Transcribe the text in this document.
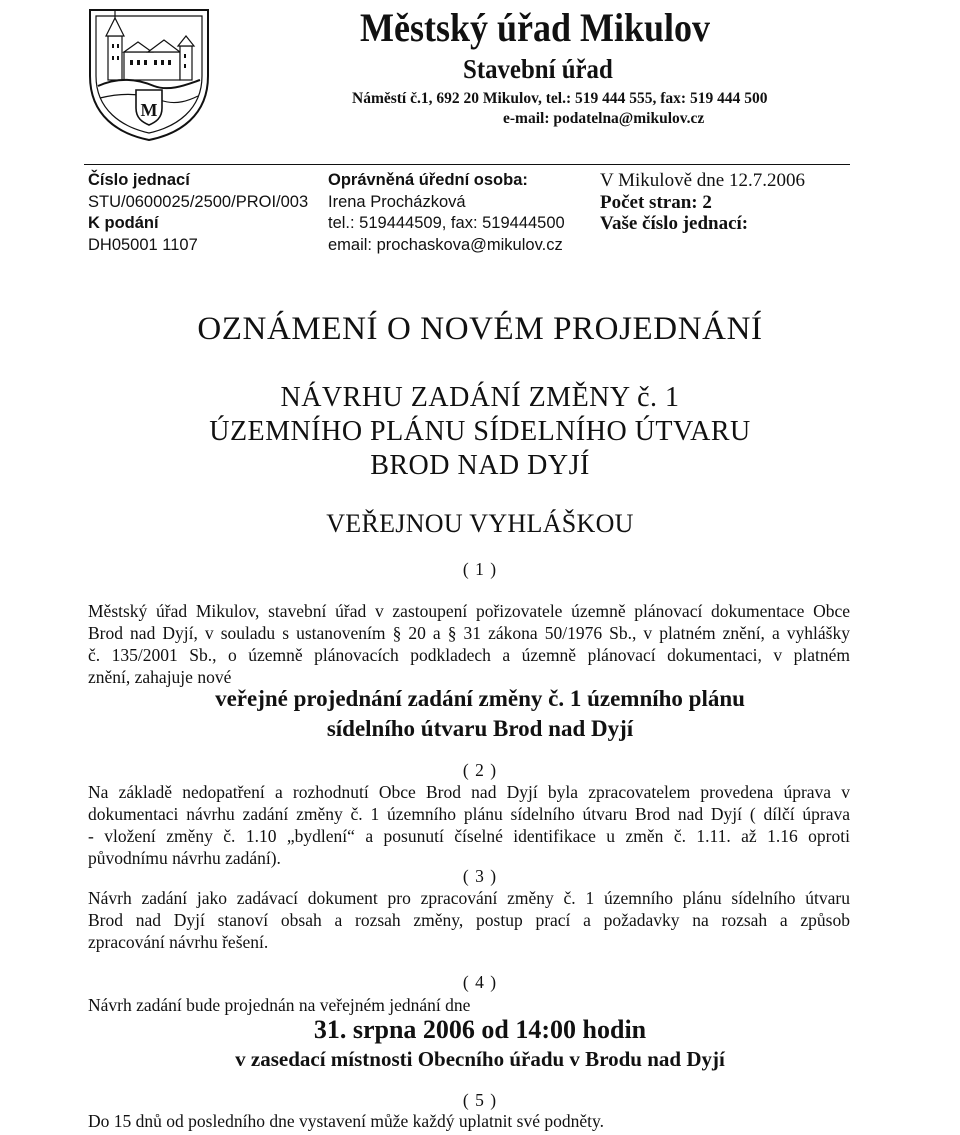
M
Městský úřad Mikulov
Stavební úřad
Náměstí č.1, 692 20 Mikulov, tel.: 519 444 555, fax: 519 444 500
e-mail: podatelna@mikulov.cz
Číslo jednací
STU/0600025/2500/PROI/003
K podání
DH05001 1107
Oprávněná úřední osoba:
Irena Procházková
tel.: 519444509, fax: 519444500
email: prochaskova@mikulov.cz
V Mikulově dne 12.7.2006
Počet stran: 2
Vaše číslo jednací:
OZNÁMENÍ O NOVÉM PROJEDNÁNÍ
NÁVRHU ZADÁNÍ ZMĚNY č. 1
ÚZEMNÍHO PLÁNU SÍDELNÍHO ÚTVARU
BROD NAD DYJÍ
VEŘEJNOU VYHLÁŠKOU
( 1 )
Městský úřad Mikulov, stavební úřad v zastoupení pořizovatele územně plánovací dokumentace Obce
Brod nad Dyjí, v souladu s ustanovením § 20 a § 31 zákona 50/1976 Sb., v platném znění, a vyhlášky
č. 135/2001 Sb., o územně plánovacích podkladech a územně plánovací dokumentaci, v platném
znění, zahajuje nové
veřejné projednání zadání změny č. 1 územního plánu
sídelního útvaru Brod nad Dyjí
( 2 )
Na základě nedopatření a rozhodnutí Obce Brod nad Dyjí byla zpracovatelem provedena úprava v
dokumentaci návrhu zadání změny č. 1 územního plánu sídelního útvaru Brod nad Dyjí ( dílčí úprava
- vložení změny č. 1.10 „bydlení“ a posunutí číselné identifikace u změn č. 1.11. až 1.16 oproti
původnímu návrhu zadání).
( 3 )
Návrh zadání jako zadávací dokument pro zpracování změny č. 1 územního plánu sídelního útvaru
Brod nad Dyjí stanoví obsah a rozsah změny, postup prací a požadavky na rozsah a způsob
zpracování návrhu řešení.
( 4 )
Návrh zadání bude projednán na veřejném jednání dne
31. srpna 2006 od 14:00 hodin
v zasedací místnosti Obecního úřadu v Brodu nad Dyjí
( 5 )
Do 15 dnů od posledního dne vystavení může každý uplatnit své podněty.
